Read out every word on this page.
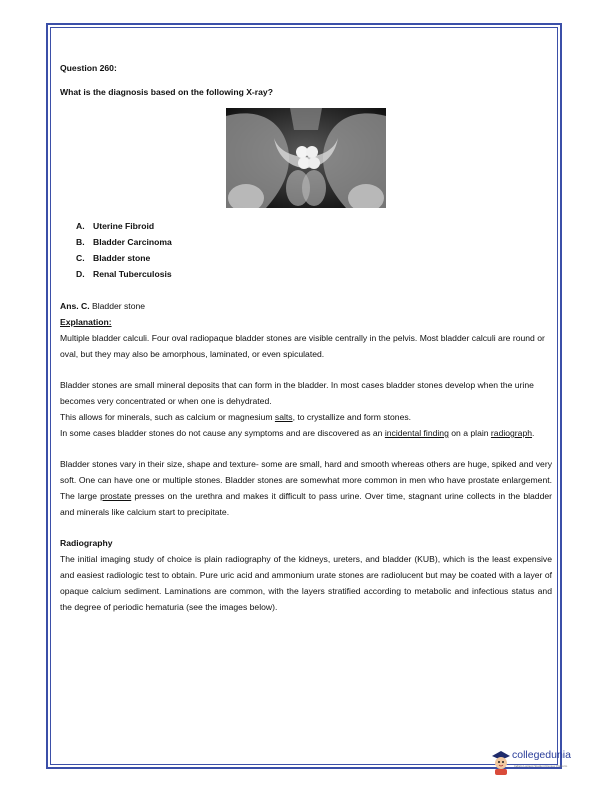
Question 260:

What is the diagnosis based on the following X-ray?

A. Uterine Fibroid
B. Bladder Carcinoma
C. Bladder stone
D. Renal Tuberculosis

Ans. C. Bladder stone

Explanation:

Multiple bladder calculi. Four oval radiopaque bladder stones are visible centrally in the pelvis. Most bladder calculi are round or oval, but they may also be amorphous, laminated, or even spiculated.

Bladder stones are small mineral deposits that can form in the bladder. In most cases bladder stones develop when the urine becomes very concentrated or when one is dehydrated.

This allows for minerals, such as calcium or magnesium salts, to crystallize and form stones.

In some cases bladder stones do not cause any symptoms and are discovered as an incidental finding on a plain radiograph.

Bladder stones vary in their size, shape and texture- some are small, hard and smooth whereas others are huge, spiked and very soft. One can have one or multiple stones. Bladder stones are somewhat more common in men who have prostate enlargement. The large prostate presses on the urethra and makes it difficult to pass urine. Over time, stagnant urine collects in the bladder and minerals like calcium start to precipitate.

Radiography

The initial imaging study of choice is plain radiography of the kidneys, ureters, and bladder (KUB), which is the least expensive and easiest radiologic test to obtain. Pure uric acid and ammonium urate stones are radiolucent but may be coated with a layer of opaque calcium sediment. Laminations are common, with the layers stratified according to metabolic and infectious status and the degree of periodic hematuria (see the images below).

collegedunia
India's Largest Student Review Platform
